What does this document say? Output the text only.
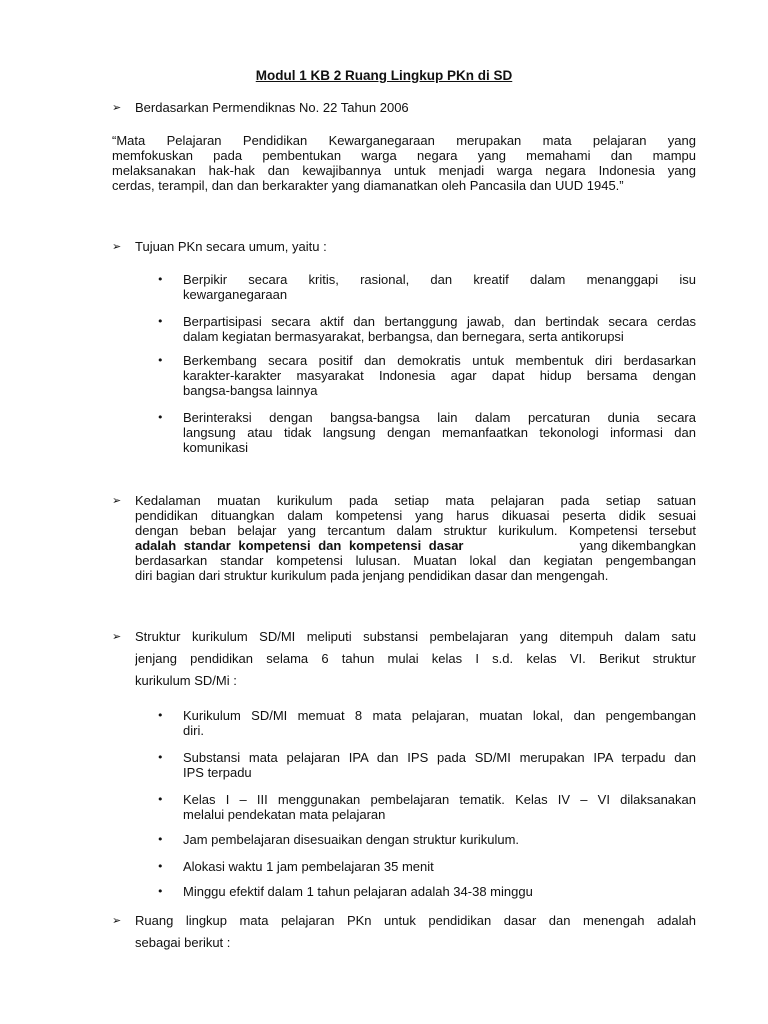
Modul 1 KB 2 Ruang Lingkup PKn di SD
➢	Berdasarkan Permendiknas No. 22 Tahun 2006
“Mata Pelajaran Pendidikan Kewarganegaraan merupakan mata pelajaran yang
memfokuskan pada pembentukan warga negara yang memahami dan mampu
melaksanakan hak-hak dan kewajibannya untuk menjadi warga negara Indonesia yang
cerdas, terampil, dan dan berkarakter yang diamanatkan oleh Pancasila dan UUD 1945.”
➢	Tujuan PKn secara umum, yaitu :
• Berpikir secara kritis, rasional, dan kreatif dalam menanggapi isu
kewarganegaraan
• Berpartisipasi secara aktif dan bertanggung jawab, dan bertindak secara cerdas
dalam kegiatan bermasyarakat, berbangsa, dan bernegara, serta antikorupsi
• Berkembang secara positif dan demokratis untuk membentuk diri berdasarkan
karakter-karakter masyarakat Indonesia agar dapat hidup bersama dengan
bangsa-bangsa lainnya
• Berinteraksi dengan bangsa-bangsa lain dalam percaturan dunia secara
langsung atau tidak langsung dengan memanfaatkan tekonologi informasi dan
komunikasi
➢	Kedalaman muatan kurikulum pada setiap mata pelajaran pada setiap satuan
pendidikan dituangkan dalam kompetensi yang harus dikuasai peserta didik sesuai
dengan beban belajar yang tercantum dalam struktur kurikulum. Kompetensi tersebut
adalah standar kompetensi dan kompetensi dasar	yang dikembangkan
berdasarkan standar kompetensi lulusan. Muatan lokal dan kegiatan pengembangan
diri bagian dari struktur kurikulum pada jenjang pendidikan dasar dan mengengah.
➢	Struktur kurikulum SD/MI meliputi substansi pembelajaran yang ditempuh dalam satu
jenjang pendidikan selama 6 tahun mulai kelas I s.d. kelas VI. Berikut struktur
kurikulum SD/Mi :
• Kurikulum SD/MI memuat 8 mata pelajaran, muatan lokal, dan pengembangan
diri.
• Substansi mata pelajaran IPA dan IPS pada SD/MI merupakan IPA terpadu dan
IPS terpadu
• Kelas I – III menggunakan pembelajaran tematik. Kelas IV – VI dilaksanakan
melalui pendekatan mata pelajaran
• Jam pembelajaran disesuaikan dengan struktur kurikulum.
• Alokasi waktu 1 jam pembelajaran 35 menit
• Minggu efektif dalam 1 tahun pelajaran adalah 34-38 minggu
➢	Ruang lingkup mata pelajaran PKn untuk pendidikan dasar dan menengah adalah
sebagai berikut :
